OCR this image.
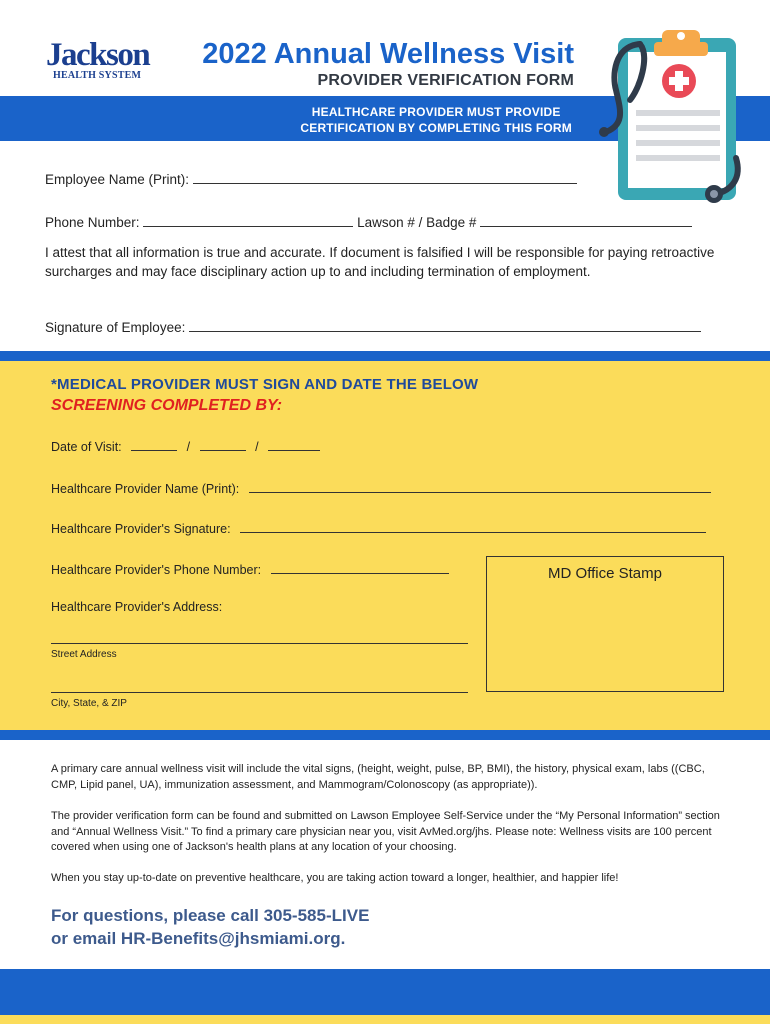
Jackson
HEALTH SYSTEM
2022 Annual Wellness Visit
PROVIDER VERIFICATION FORM
HEALTHCARE PROVIDER MUST PROVIDE
CERTIFICATION BY COMPLETING THIS FORM
Employee Name (Print):
Phone Number:	Lawson # / Badge #
I attest that all information is true and accurate. If document is falsified I will be responsible for paying retroactive surcharges and may face disciplinary action up to and including termination of employment.
Signature of Employee:
*MEDICAL PROVIDER MUST SIGN AND DATE THE BELOW
SCREENING COMPLETED BY:
Date of Visit:	/	/
Healthcare Provider Name (Print):
Healthcare Provider's Signature:
Healthcare Provider's Phone Number:
Healthcare Provider's Address:
Street Address
City, State, & ZIP
MD Office Stamp
A primary care annual wellness visit will include the vital signs, (height, weight, pulse, BP, BMI), the history, physical exam, labs ((CBC, CMP, Lipid panel, UA), immunization assessment, and Mammogram/Colonoscopy (as appropriate)).
The provider verification form can be found and submitted on Lawson Employee Self-Service under the “My Personal Information” section and “Annual Wellness Visit.” To find a primary care physician near you, visit AvMed.org/jhs. Please note: Wellness visits are 100 percent covered when using one of Jackson's health plans at any location of your choosing.
When you stay up-to-date on preventive healthcare, you are taking action toward a longer, healthier, and happier life!
For questions, please call 305-585-LIVE
or email HR-Benefits@jhsmiami.org.
